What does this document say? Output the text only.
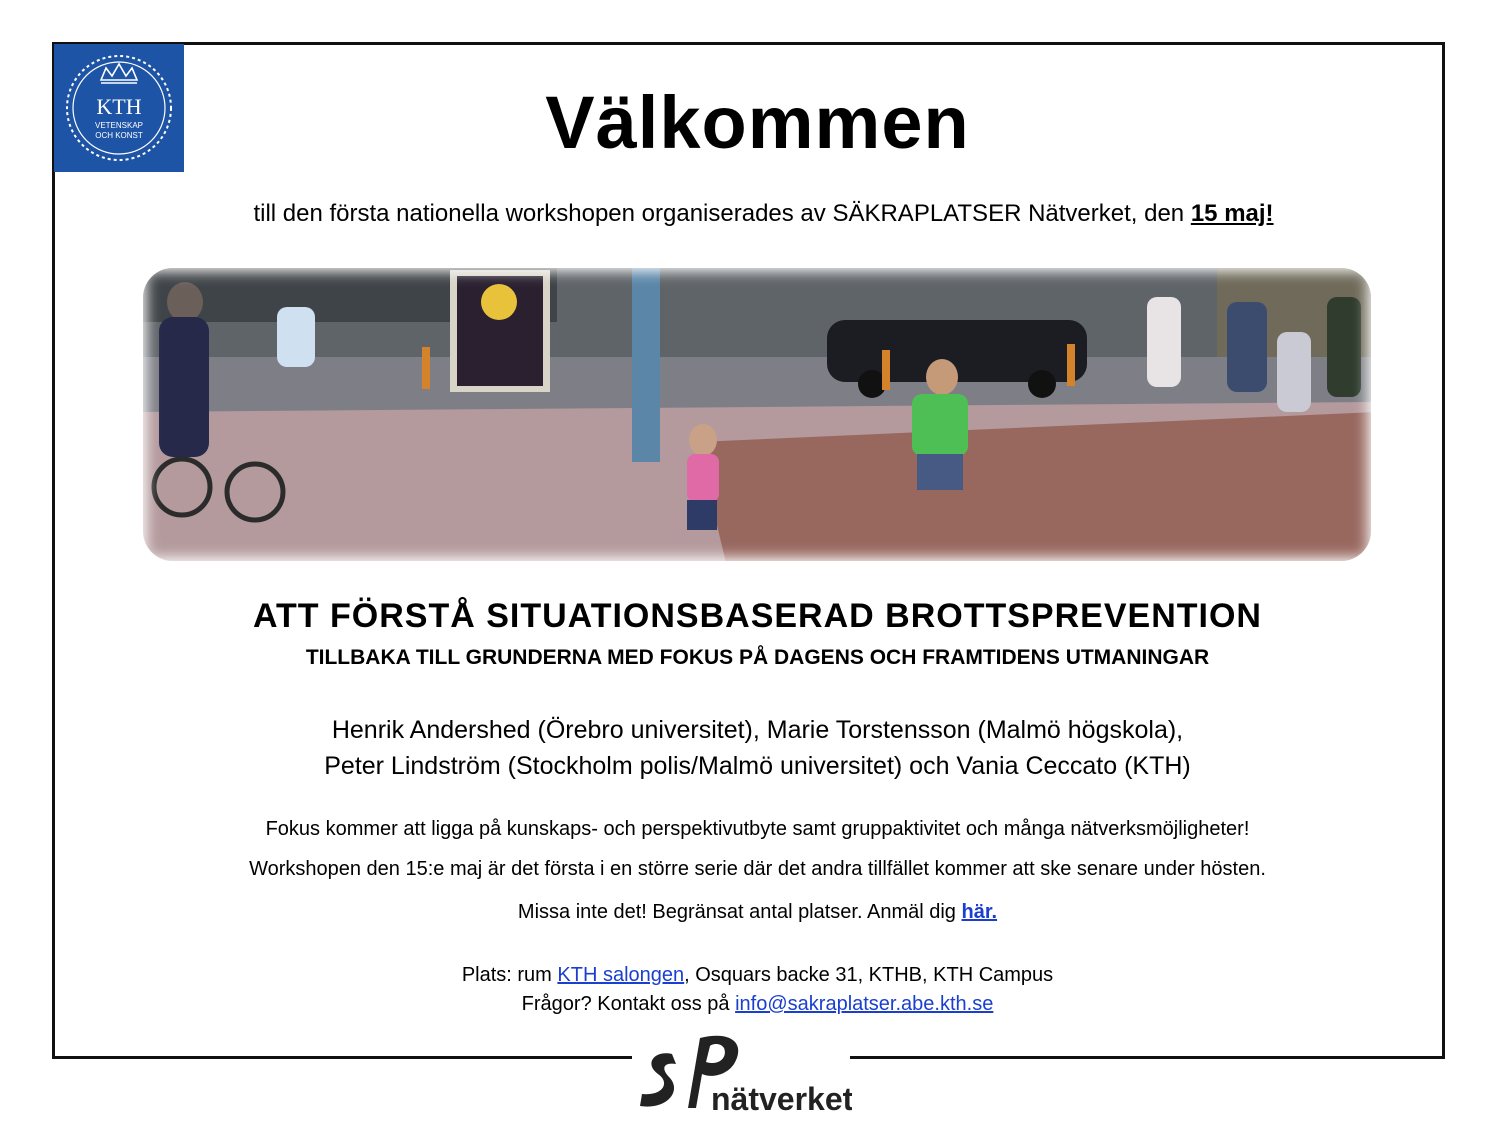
KTH
VETENSKAP
OCH KONST	Välkommen
till den första nationella workshopen organiserades av SÄKRAPLATSER Nätverket, den 15 maj!
ATT FÖRSTÅ SITUATIONSBASERAD BROTTSPREVENTION
TILLBAKA TILL GRUNDERNA MED FOKUS PÅ DAGENS OCH FRAMTIDENS UTMANINGAR
Henrik Andershed (Örebro universitet), Marie Torstensson (Malmö högskola),
Peter Lindström (Stockholm polis/Malmö universitet) och Vania Ceccato (KTH)
Fokus kommer att ligga på kunskaps- och perspektivutbyte samt gruppaktivitet och många nätverksmöjligheter!
Workshopen den 15:e maj är det första i en större serie där det andra tillfället kommer att ske senare under hösten.
Missa inte det! Begränsat antal platser. Anmäl dig här.
Plats: rum KTH salongen, Osquars backe 31, KTHB, KTH Campus
Frågor? Kontakt oss på info@sakraplatser.abe.kth.se
nätverket
